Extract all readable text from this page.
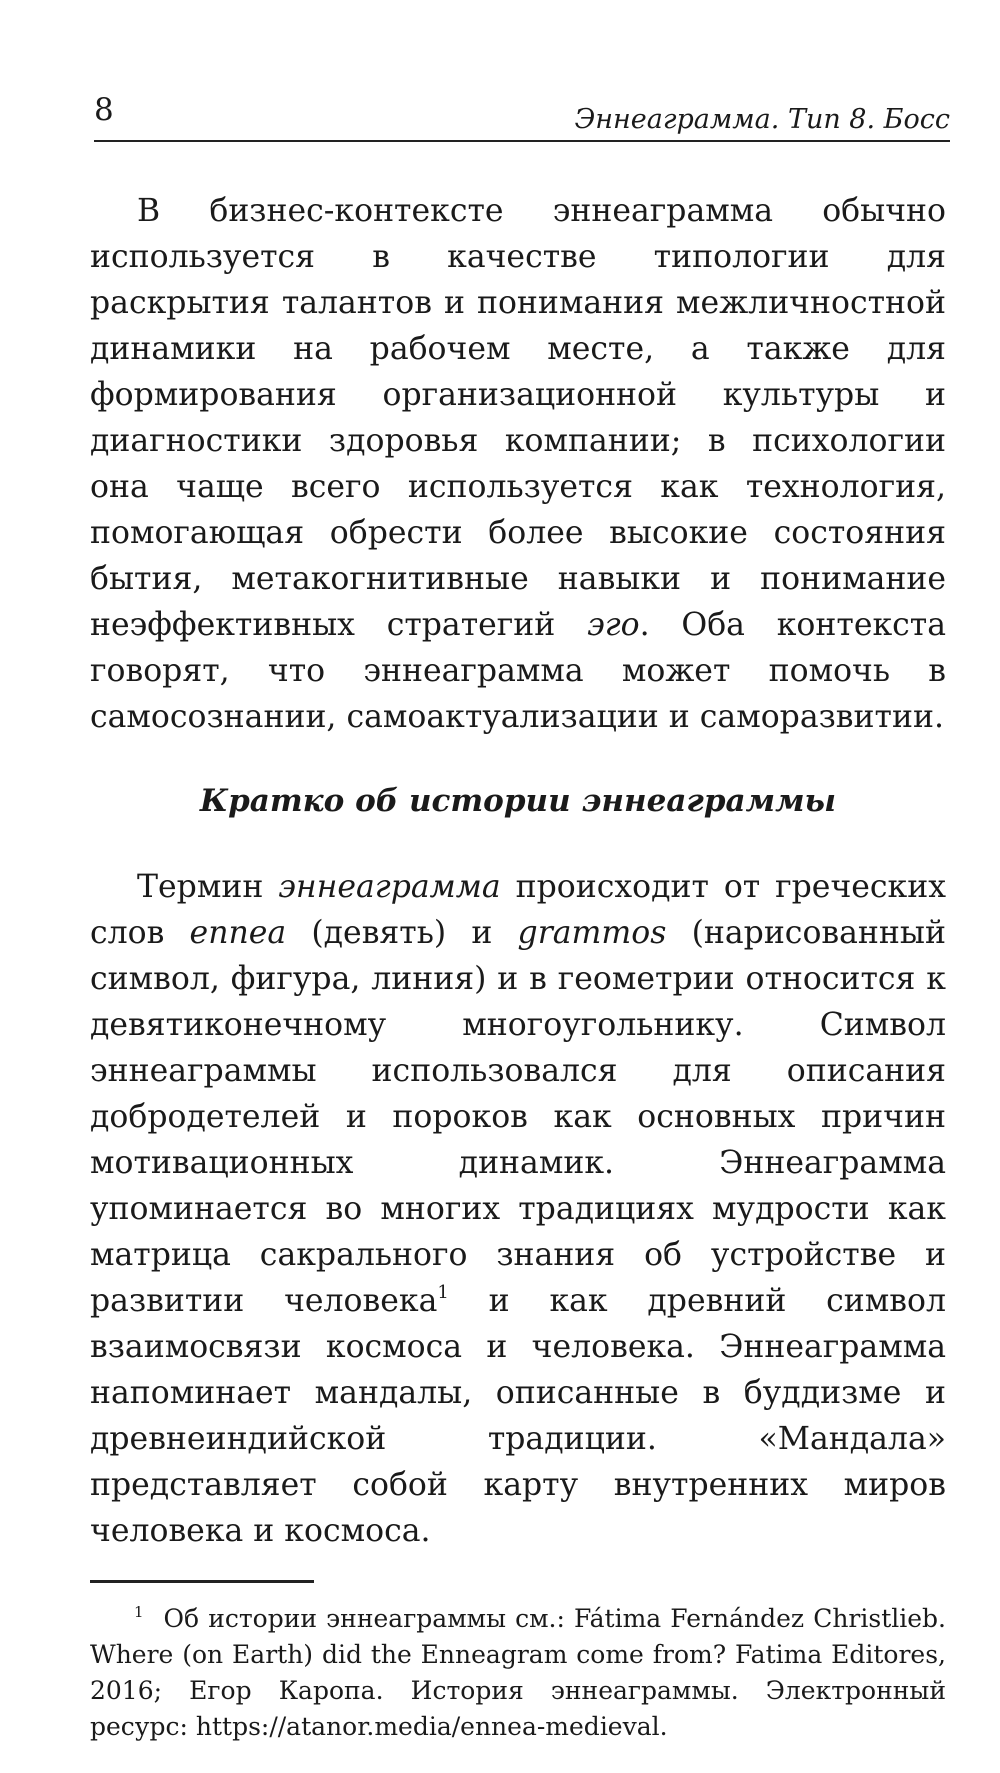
8	Эннеаграмма. Тип 8. Босс

В бизнес-контексте эннеаграмма обычно используется в качестве типологии для раскрытия талантов и понимания межличностной динамики на рабочем месте, а также для формирования организационной культуры и диагностики здоровья компании; в психологии она чаще всего используется как технология, помогающая обрести более высокие состояния бытия, метакогнитивные навыки и понимание неэффективных стратегий эго. Оба контекста говорят, что эннеаграмма может помочь в самосознании, самоактуализации и саморазвитии.

Кратко об истории эннеаграммы

Термин эннеаграмма происходит от греческих слов ennea (девять) и grammos (нарисованный символ, фигура, линия) и в геометрии относится к девятиконечному многоугольнику. Символ эннеаграммы использовался для описания добродетелей и пороков как основных причин мотивационных динамик. Эннеаграмма упоминается во многих традициях мудрости как матрица сакрального знания об устройстве и развитии человека$^1$ и как древний символ взаимосвязи космоса и человека. Эннеаграмма напоминает мандалы, описанные в буддизме и древнеиндийской традиции. «Мандала» представляет собой карту внутренних миров человека и космоса.

$^1$ Об истории эннеаграммы см.: Fátima Fernández Christlieb. Where (on Earth) did the Enneagram come from? Fatima Editores, 2016; Егор Каропа. История эннеаграммы. Электронный ресурс: https://atanor.media/ennea-medieval.
